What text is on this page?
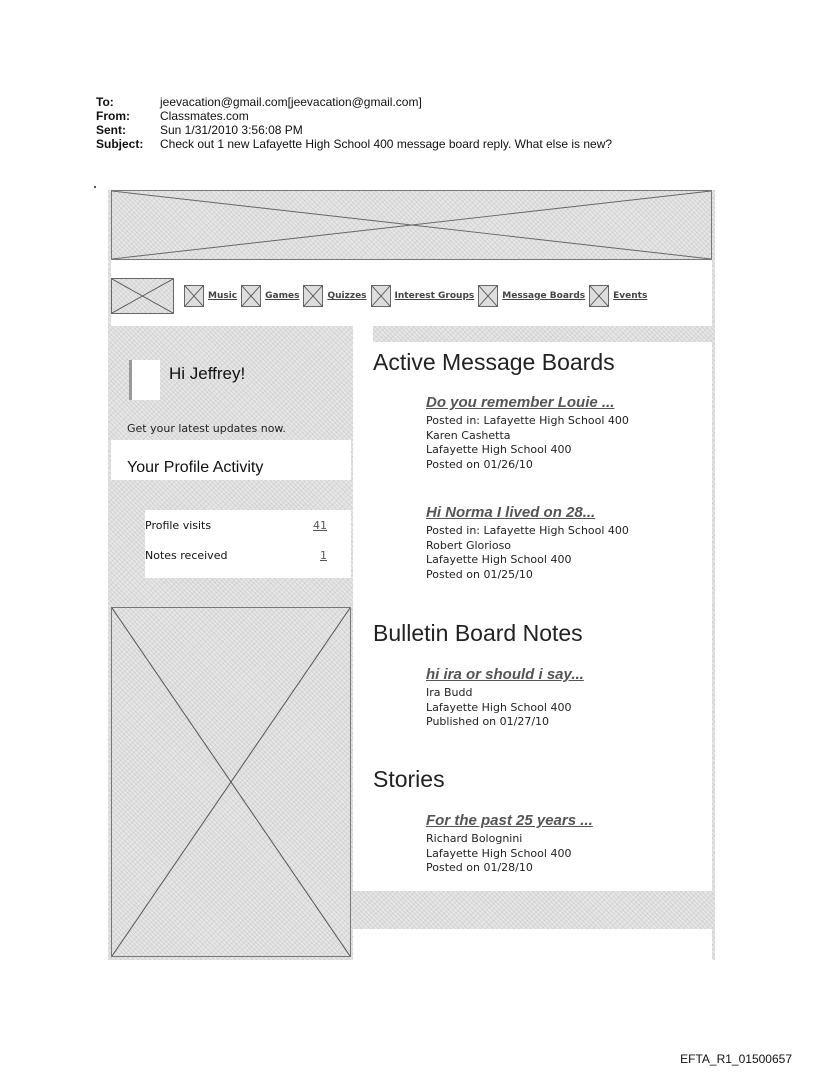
To:	jeevacation@gmail.com[jeevacation@gmail.com]
From:	Classmates.com
Sent:	Sun 1/31/2010 3:56:08 PM
Subject:	Check out 1 new Lafayette High School 400 message board reply. What else is new?
Music	Games	Quizzes	Interest Groups	Message Boards	Events
Hi Jeffrey!
Get your latest updates now.
Your Profile Activity
Profile visits	41
Notes received	1
Active Message Boards
Do you remember Louie ...
Posted in: Lafayette High School 400
Karen Cashetta
Lafayette High School 400
Posted on 01/26/10
Hi Norma I lived on 28...
Posted in: Lafayette High School 400
Robert Glorioso
Lafayette High School 400
Posted on 01/25/10
Bulletin Board Notes
hi ira or should i say...
Ira Budd
Lafayette High School 400
Published on 01/27/10
Stories
For the past 25 years ...
Richard Bolognini
Lafayette High School 400
Posted on 01/28/10
EFTA_R1_01500657
